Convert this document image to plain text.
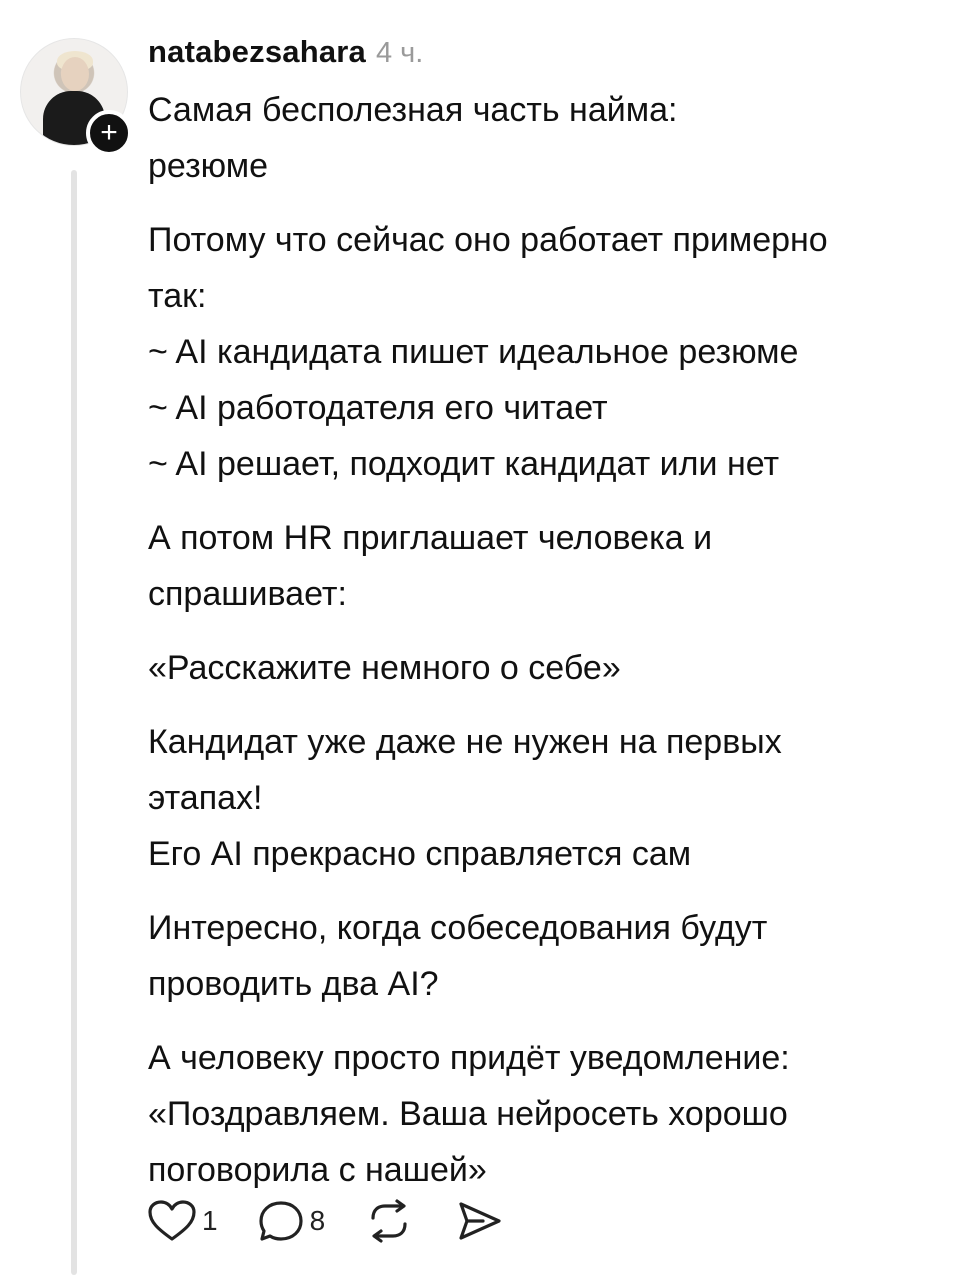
+
natabezsahara 4 ч.
Самая бесполезная часть найма:
резюме
Потому что сейчас оно работает примерно
так:
~ AI кандидата пишет идеальное резюме
~ AI работодателя его читает
~ AI решает, подходит кандидат или нет
А потом HR приглашает человека и
спрашивает:
«Расскажите немного о себе»
Кандидат уже даже не нужен на первых
этапах!
Его AI прекрасно справляется сам
Интересно, когда собеседования будут
проводить два AI?
А человеку просто придёт уведомление:
«Поздравляем. Ваша нейросеть хорошо
поговорила с нашей»
1	8
